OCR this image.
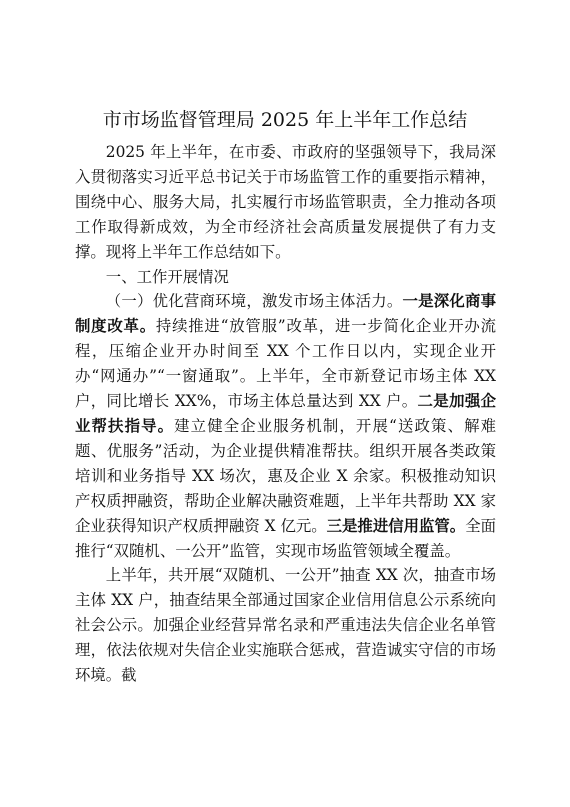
市市场监督管理局 2025 年上半年工作总结

2025 年上半年，在市委、市政府的坚强领导下，我局深入贯彻落实习近平总书记关于市场监管工作的重要指示精神，围绕中心、服务大局，扎实履行市场监管职责，全力推动各项工作取得新成效，为全市经济社会高质量发展提供了有力支撑。现将上半年工作总结如下。

一、工作开展情况

（一）优化营商环境，激发市场主体活力。一是深化商事制度改革。持续推进“放管服”改革，进一步简化企业开办流程，压缩企业开办时间至 XX 个工作日以内，实现企业开办“网通办”“一窗通取”。上半年，全市新登记市场主体 XX 户，同比增长 XX%，市场主体总量达到 XX 户。二是加强企业帮扶指导。建立健全企业服务机制，开展“送政策、解难题、优服务”活动，为企业提供精准帮扶。组织开展各类政策培训和业务指导 XX 场次，惠及企业 X 余家。积极推动知识产权质押融资，帮助企业解决融资难题，上半年共帮助 XX 家企业获得知识产权质押融资 X 亿元。三是推进信用监管。全面推行“双随机、一公开”监管，实现市场监管领域全覆盖。

上半年，共开展“双随机、一公开”抽查 XX 次，抽查市场主体 XX 户，抽查结果全部通过国家企业信用信息公示系统向社会公示。加强企业经营异常名录和严重违法失信企业名单管理，依法依规对失信企业实施联合惩戒，营造诚实守信的市场环境。截
